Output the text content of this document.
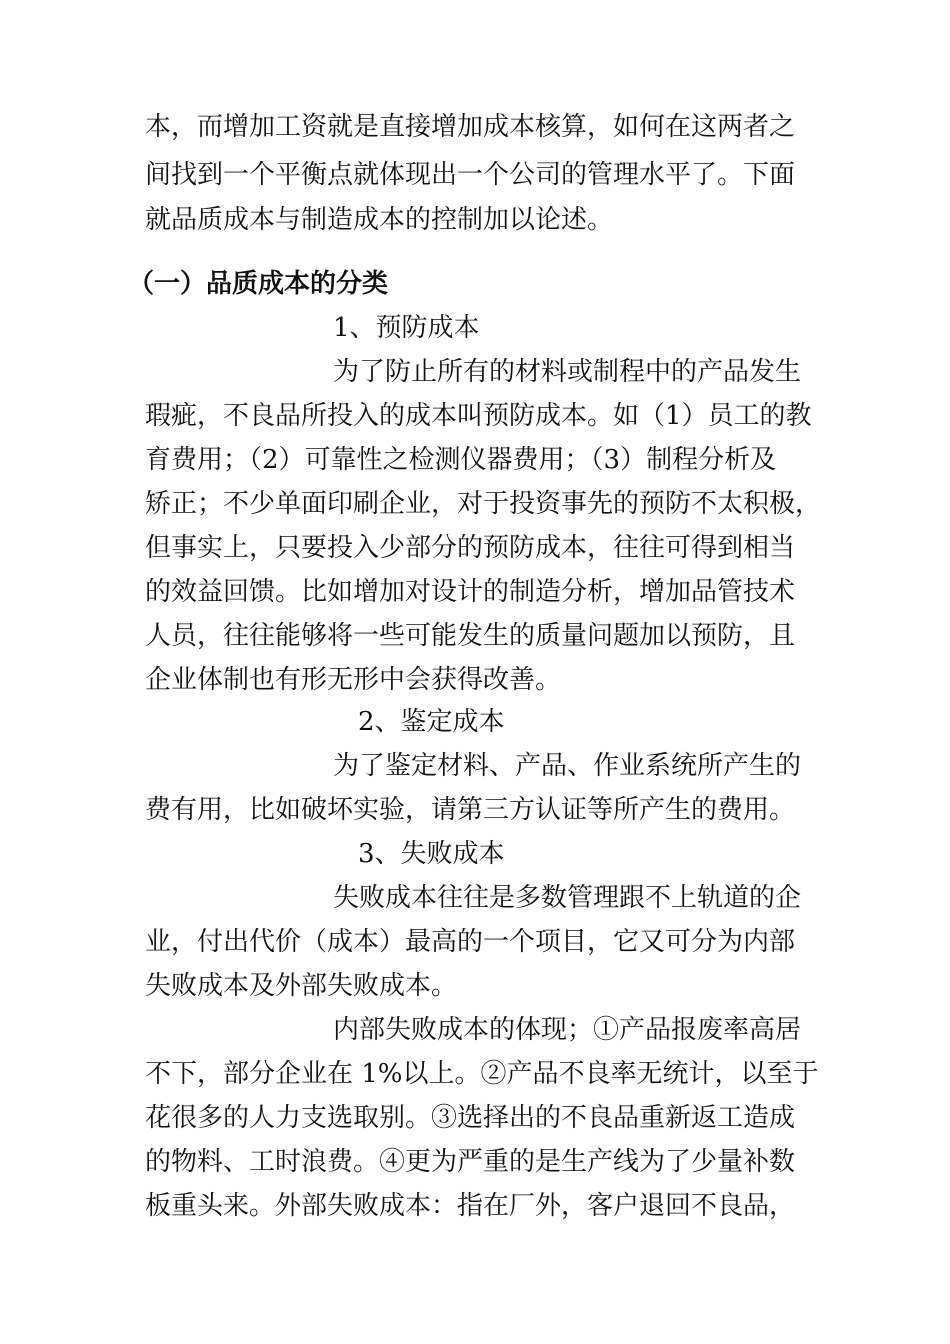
本，而增加工资就是直接增加成本核算，如何在这两者之
间找到一个平衡点就体现出一个公司的管理水平了。下面
就品质成本与制造成本的控制加以论述。
（一）品质成本的分类
1、预防成本
为了防止所有的材料或制程中的产品发生
瑕疵，不良品所投入的成本叫预防成本。如（1）员工的教
育费用；（2）可靠性之检测仪器费用；（3）制程分析及
矫正；不少单面印刷企业，对于投资事先的预防不太积极，
但事实上，只要投入少部分的预防成本，往往可得到相当
的效益回馈。比如增加对设计的制造分析，增加品管技术
人员，往往能够将一些可能发生的质量问题加以预防，且
企业体制也有形无形中会获得改善。
2、鉴定成本
为了鉴定材料、产品、作业系统所产生的
费有用，比如破坏实验，请第三方认证等所产生的费用。
3、失败成本
失败成本往往是多数管理跟不上轨道的企
业，付出代价（成本）最高的一个项目，它又可分为内部
失败成本及外部失败成本。
内部失败成本的体现；①产品报废率高居
不下，部分企业在 1%以上。②产品不良率无统计，以至于
花很多的人力支选取别。③选择出的不良品重新返工造成
的物料、工时浪费。④更为严重的是生产线为了少量补数
板重头来。外部失败成本：指在厂外，客户退回不良品，
